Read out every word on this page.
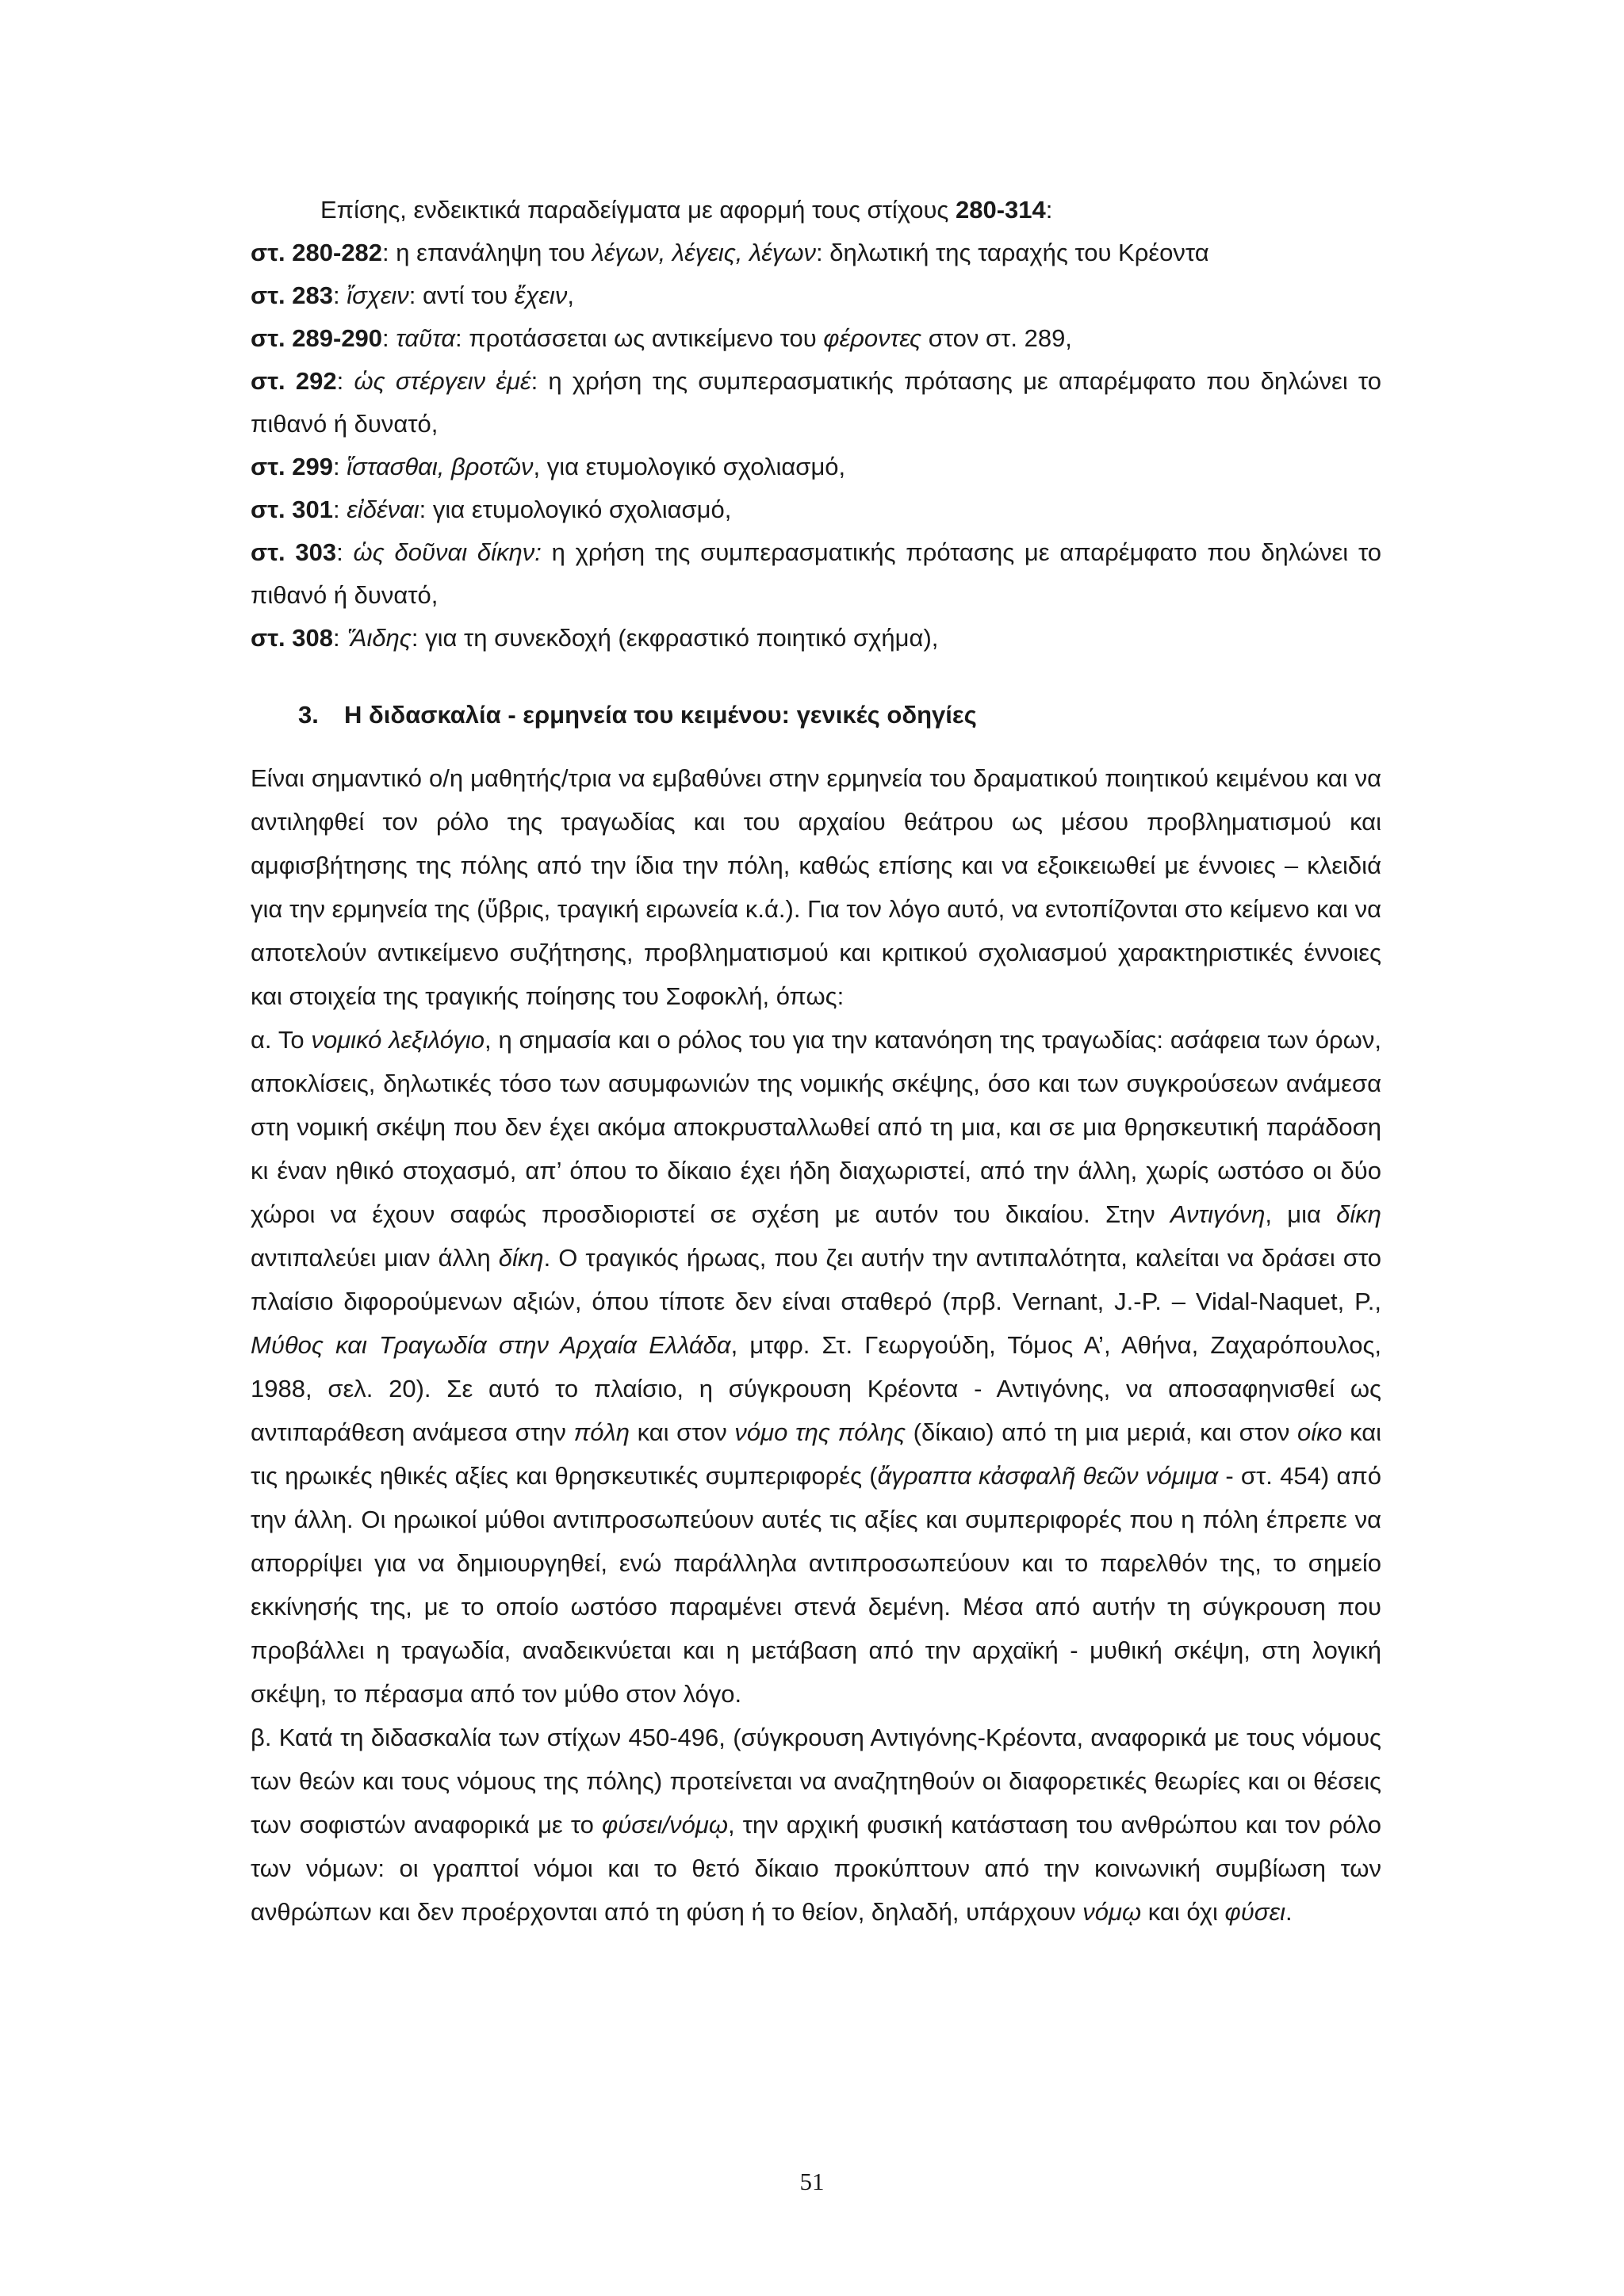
Επίσης, ενδεικτικά παραδείγματα με αφορμή τους στίχους 280-314:
στ. 280-282: η επανάληψη του λέγων, λέγεις, λέγων: δηλωτική της ταραχής του Κρέοντα
στ. 283: ἴσχειν: αντί του ἔχειν,
στ. 289-290: ταῦτα: προτάσσεται ως αντικείμενο του φέροντες στον στ. 289,
στ. 292: ὡς στέργειν ἐμέ: η χρήση της συμπερασματικής πρότασης με απαρέμφατο που δηλώνει το πιθανό ή δυνατό,
στ. 299: ἵστασθαι, βροτῶν, για ετυμολογικό σχολιασμό,
στ. 301: εἰδέναι: για ετυμολογικό σχολιασμό,
στ. 303: ὡς δοῦναι δίκην: η χρήση της συμπερασματικής πρότασης με απαρέμφατο που δηλώνει το πιθανό ή δυνατό,
στ. 308: Ἅιδης: για τη συνεκδοχή (εκφραστικό ποιητικό σχήμα),
3. Η διδασκαλία - ερμηνεία του κειμένου: γενικές οδηγίες
Είναι σημαντικό ο/η μαθητής/τρια να εμβαθύνει στην ερμηνεία του δραματικού ποιητικού κειμένου και να αντιληφθεί τον ρόλο της τραγωδίας και του αρχαίου θεάτρου ως μέσου προβληματισμού και αμφισβήτησης της πόλης από την ίδια την πόλη, καθώς επίσης και να εξοικειωθεί με έννοιες – κλειδιά για την ερμηνεία της (ὕβρις, τραγική ειρωνεία κ.ά.). Για τον λόγο αυτό, να εντοπίζονται στο κείμενο και να αποτελούν αντικείμενο συζήτησης, προβληματισμού και κριτικού σχολιασμού χαρακτηριστικές έννοιες και στοιχεία της τραγικής ποίησης του Σοφοκλή, όπως:
α. Το νομικό λεξιλόγιο, η σημασία και ο ρόλος του για την κατανόηση της τραγωδίας: ασάφεια των όρων, αποκλίσεις, δηλωτικές τόσο των ασυμφωνιών της νομικής σκέψης, όσο και των συγκρούσεων ανάμεσα στη νομική σκέψη που δεν έχει ακόμα αποκρυσταλλωθεί από τη μια, και σε μια θρησκευτική παράδοση κι έναν ηθικό στοχασμό, απ’ όπου το δίκαιο έχει ήδη διαχωριστεί, από την άλλη, χωρίς ωστόσο οι δύο χώροι να έχουν σαφώς προσδιοριστεί σε σχέση με αυτόν του δικαίου. Στην Αντιγόνη, μια δίκη αντιπαλεύει μιαν άλλη δίκη. Ο τραγικός ήρωας, που ζει αυτήν την αντιπαλότητα, καλείται να δράσει στο πλαίσιο διφορούμενων αξιών, όπου τίποτε δεν είναι σταθερό (πρβ. Vernant, J.-P. – Vidal-Naquet, P., Μύθος και Τραγωδία στην Αρχαία Ελλάδα, μτφρ. Στ. Γεωργούδη, Τόμος Α’, Αθήνα, Ζαχαρόπουλος, 1988, σελ. 20). Σε αυτό το πλαίσιο, η σύγκρουση Κρέοντα - Αντιγόνης, να αποσαφηνισθεί ως αντιπαράθεση ανάμεσα στην πόλη και στον νόμο της πόλης (δίκαιο) από τη μια μεριά, και στον οίκο και τις ηρωικές ηθικές αξίες και θρησκευτικές συμπεριφορές (ἄγραπτα κἀσφαλῆ θεῶν νόμιμα - στ. 454) από την άλλη. Οι ηρωικοί μύθοι αντιπροσωπεύουν αυτές τις αξίες και συμπεριφορές που η πόλη έπρεπε να απορρίψει για να δημιουργηθεί, ενώ παράλληλα αντιπροσωπεύουν και το παρελθόν της, το σημείο εκκίνησής της, με το οποίο ωστόσο παραμένει στενά δεμένη. Μέσα από αυτήν τη σύγκρουση που προβάλλει η τραγωδία, αναδεικνύεται και η μετάβαση από την αρχαϊκή - μυθική σκέψη, στη λογική σκέψη, το πέρασμα από τον μύθο στον λόγο.
β. Κατά τη διδασκαλία των στίχων 450-496, (σύγκρουση Αντιγόνης-Κρέοντα, αναφορικά με τους νόμους των θεών και τους νόμους της πόλης) προτείνεται να αναζητηθούν οι διαφορετικές θεωρίες και οι θέσεις των σοφιστών αναφορικά με το φύσει/νόμῳ, την αρχική φυσική κατάσταση του ανθρώπου και τον ρόλο των νόμων: οι γραπτοί νόμοι και το θετό δίκαιο προκύπτουν από την κοινωνική συμβίωση των ανθρώπων και δεν προέρχονται από τη φύση ή το θείον, δηλαδή, υπάρχουν νόμῳ και όχι φύσει.
51
